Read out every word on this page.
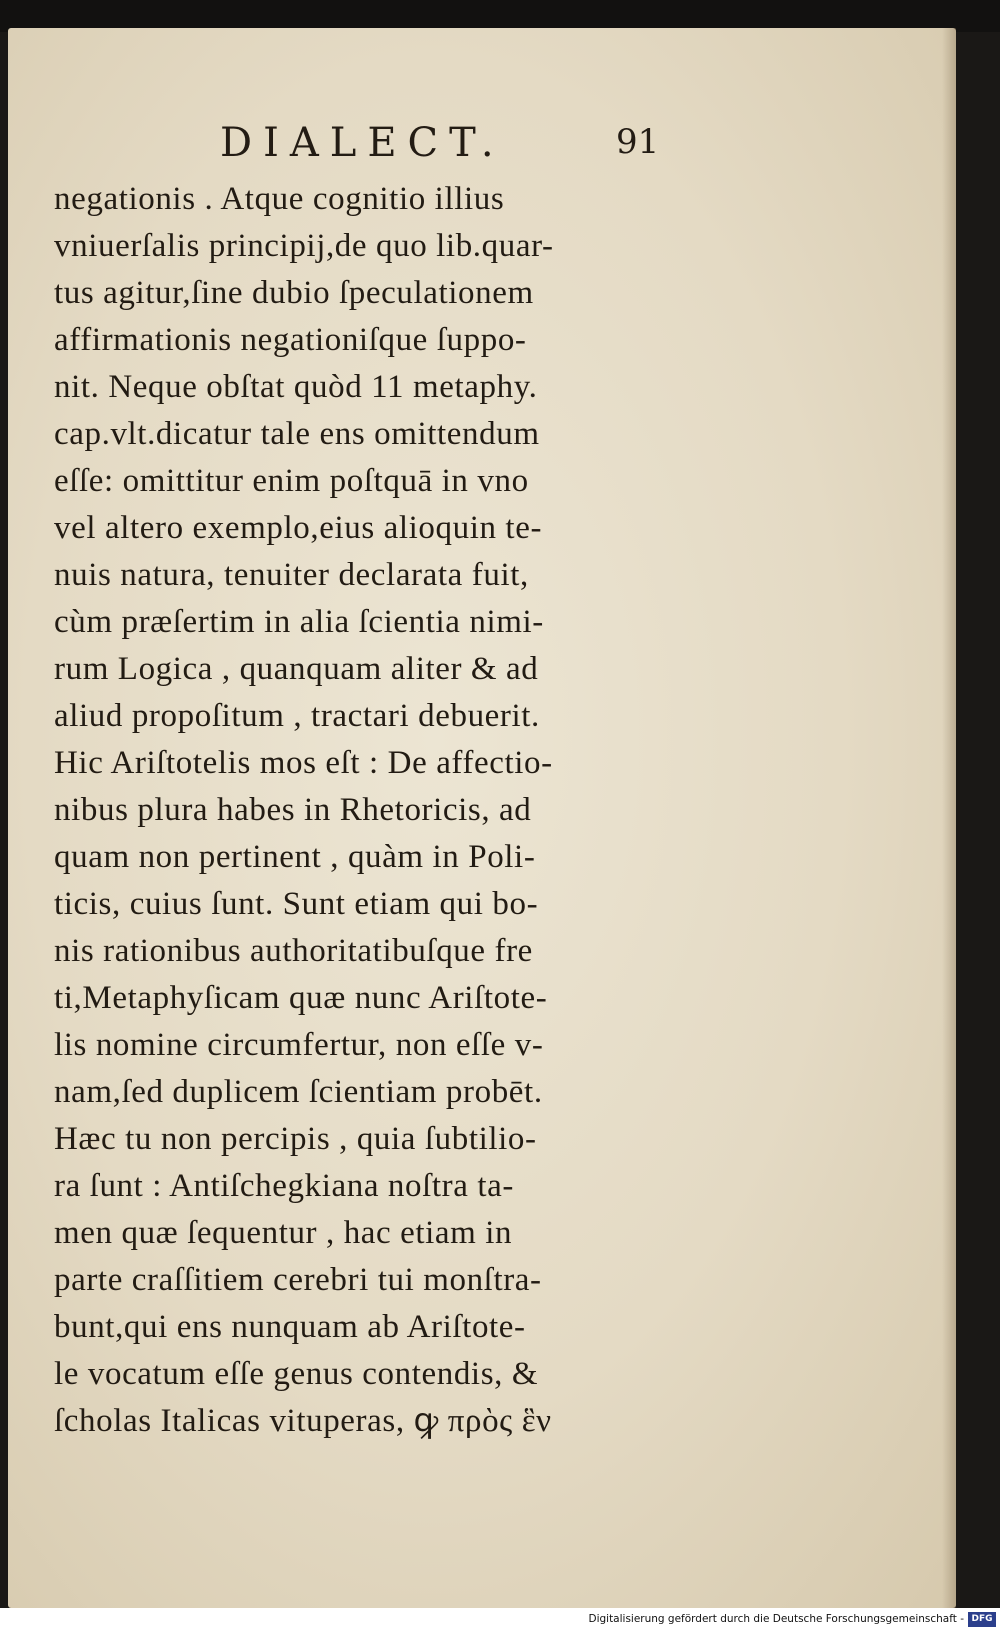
DIALECT.	91
negationis . Atque cognitio illius
vniuerſalis principij,de quo lib.quar-
tus agitur,ſine dubio ſpeculationem
affirmationis negationiſque ſuppo-
nit. Neque obſtat quòd 11 metaphy.
cap.vlt.dicatur tale ens omittendum
eſſe: omittitur enim poſtquā in vno
vel altero exemplo,eius alioquin te-
nuis natura, tenuiter declarata fuit,
cùm præſertim in alia ſcientia nimi-
rum Logica , quanquam aliter & ad
aliud propoſitum , tractari debuerit.
Hic Ariſtotelis mos eſt : De affectio-
nibus plura habes in Rhetoricis, ad
quam non pertinent , quàm in Poli-
ticis, cuius ſunt. Sunt etiam qui bo-
nis rationibus authoritatibuſque fre
ti,Metaphyſicam quæ nunc Ariſtote-
lis nomine circumfertur, non eſſe v-
nam,ſed duplicem ſcientiam probēt.
Hæc tu non percipis , quia ſubtilio-
ra ſunt : Antiſchegkiana noſtra ta-
men quæ ſequentur , hac etiam in
parte craſſitiem cerebri tui monſtra-
bunt,qui ens nunquam ab Ariſtote-
le vocatum eſſe genus contendis, &
ſcholas Italicas vituperas, ꝙ πρὸς ἓν
Digitalisierung gefördert durch die Deutsche Forschungsgemeinschaft - DFG
